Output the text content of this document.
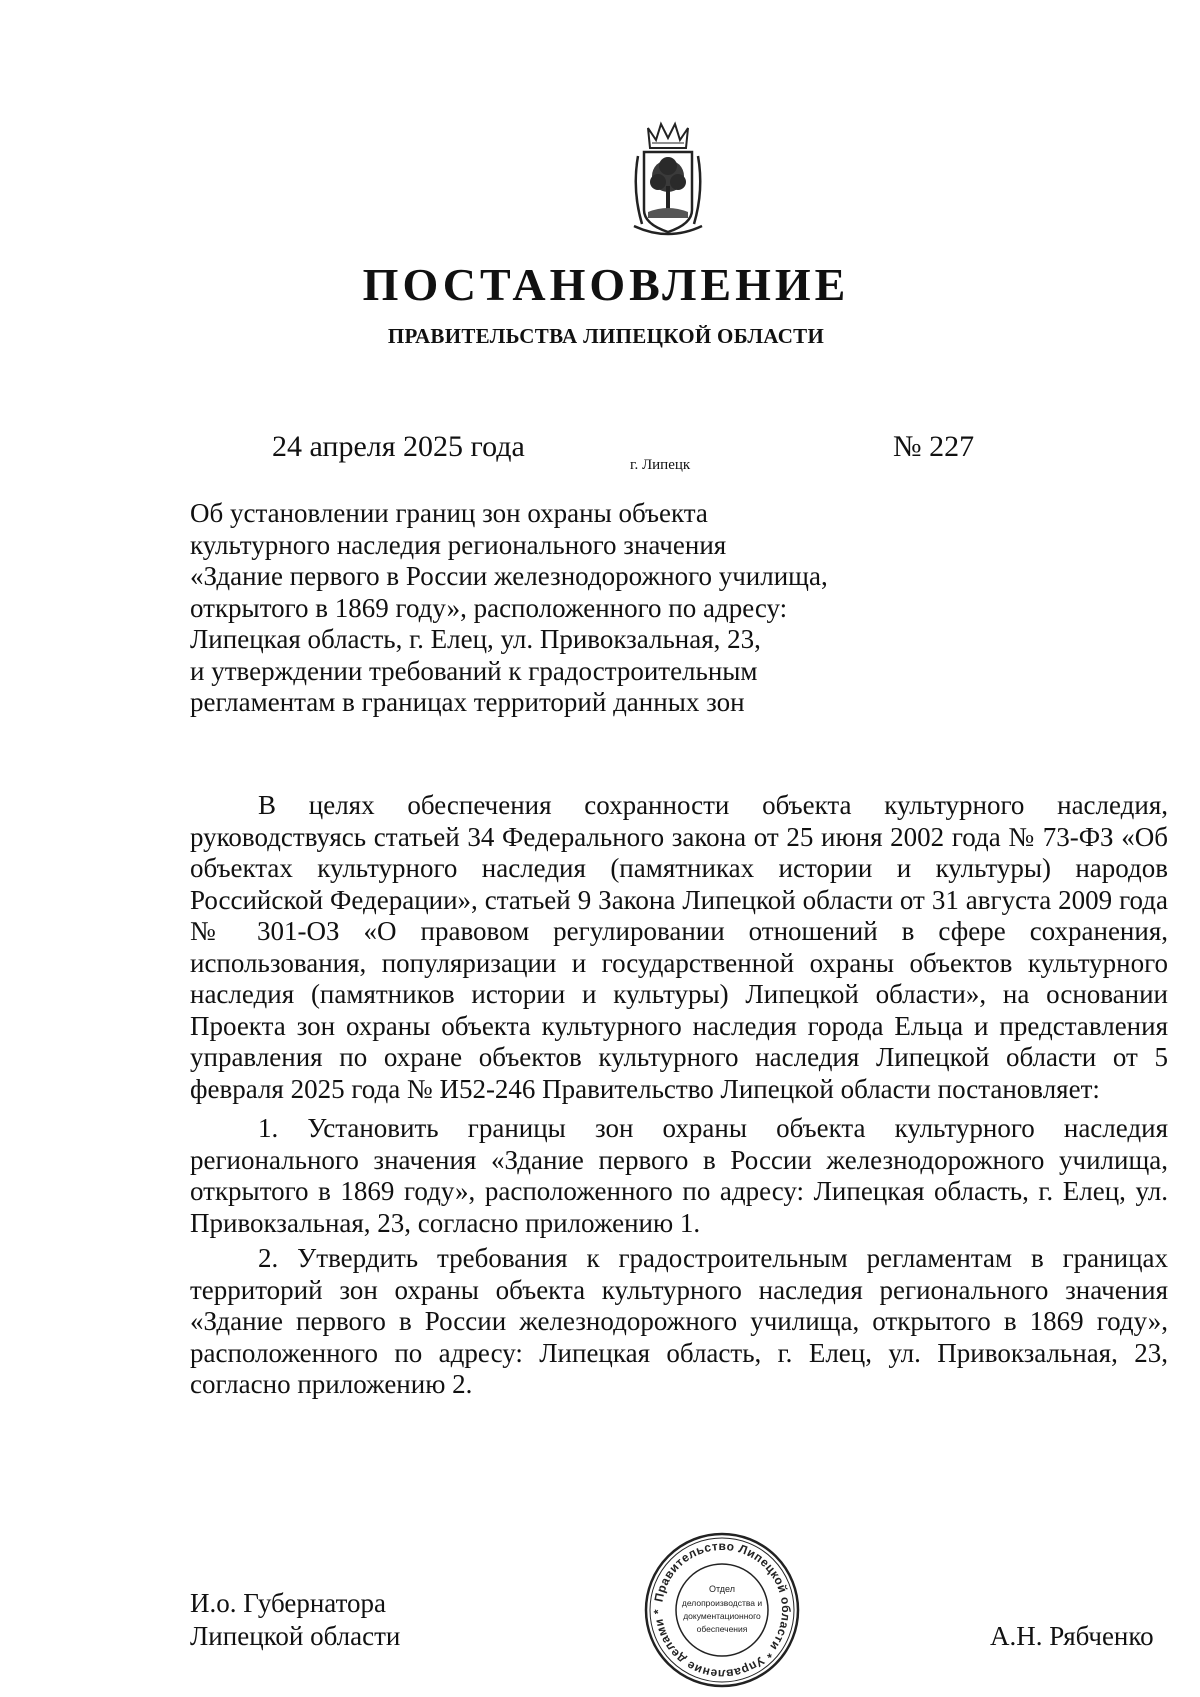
ПОСТАНОВЛЕНИЕ
ПРАВИТЕЛЬСТВА ЛИПЕЦКОЙ ОБЛАСТИ
24 апреля 2025 года
г. Липецк
№ 227
Об установлении границ зон охраны объекта
культурного наследия регионального значения
«Здание первого в России железнодорожного училища,
открытого в 1869 году», расположенного по адресу:
Липецкая область, г. Елец, ул. Привокзальная, 23,
и утверждении требований к градостроительным
регламентам в границах территорий данных зон

В целях обеспечения сохранности объекта культурного наследия, руководствуясь статьей 34 Федерального закона от 25 июня 2002 года № 73-ФЗ «Об объектах культурного наследия (памятниках истории и культуры) народов Российской Федерации», статьей 9 Закона Липецкой области от 31 августа 2009 года № 301-ОЗ «О правовом регулировании отношений в сфере сохранения, использования, популяризации и государственной охраны объектов культурного наследия (памятников истории и культуры) Липецкой области», на основании Проекта зон охраны объекта культурного наследия города Ельца и представления управления по охране объектов культурного наследия Липецкой области от 5 февраля 2025 года № И52-246 Правительство Липецкой области постановляет:

1. Установить границы зон охраны объекта культурного наследия регионального значения «Здание первого в России железнодорожного училища, открытого в 1869 году», расположенного по адресу: Липецкая область, г. Елец, ул. Привокзальная, 23, согласно приложению 1.

2. Утвердить требования к градостроительным регламентам в границах территорий зон охраны объекта культурного наследия регионального значения «Здание первого в России железнодорожного училища, открытого в 1869 году», расположенного по адресу: Липецкая область, г. Елец, ул. Привокзальная, 23, согласно приложению 2.

И.о. Губернатора
Липецкой области	А.Н. Рябченко
Правительство Липецкой области * Управление делами *
Отдел
делопроизводства и
документационного
обеспечения
